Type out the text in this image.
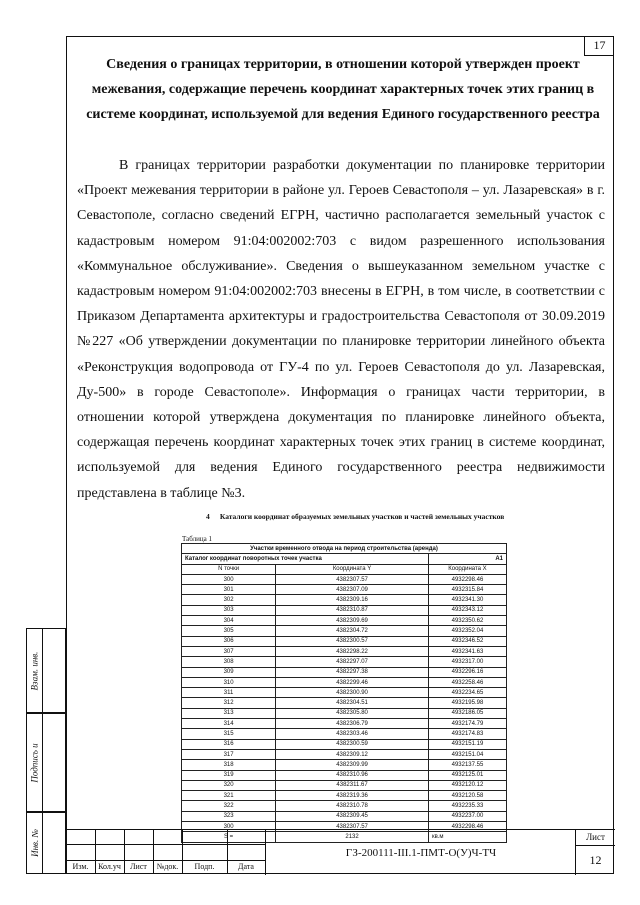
17
Сведения о границах территории, в отношении которой утвержден проект межевания, содержащие перечень координат характерных точек этих границ в системе координат, используемой для ведения Единого государственного реестра
В границах территории разработки документации по планировке территории «Проект межевания территории в районе ул. Героев Севастополя – ул. Лазаревская» в г. Севастополе, согласно сведений ЕГРН, частично располагается земельный участок с кадастровым номером 91:04:002002:703 с видом разрешенного использования «Коммунальное обслуживание». Сведения о вышеуказанном земельном участке с кадастровым номером 91:04:002002:703 внесены в ЕГРН, в том числе, в соответствии с Приказом Департамента архитектуры и градостроительства Севастополя от 30.09.2019 №227 «Об утверждении документации по планировке территории линейного объекта «Реконструкция водопровода от ГУ-4 по ул. Героев Севастополя до ул. Лазаревская, Ду-500» в городе Севастополе». Информация о границах части территории, в отношении которой утверждена документация по планировке линейного объекта, содержащая перечень координат характерных точек этих границ в системе координат, используемой для ведения Единого государственного реестра недвижимости представлена в таблице №3.
4 Каталоги координат образуемых земельных участков и частей земельных участков
Таблица 1
Участки временного отвода на период строительства (аренда)		
Каталог координат поворотных точек участка		А1
N точки	Координата Y	Координата X
300	4382307.57	4932298.46
301	4382307.09	4932315.84
302	4382309.16	4932341.30
303	4382310.87	4932343.12
304	4382309.69	4932350.62
305	4382304.72	4932352.04
306	4382300.57	4932346.52
307	4382298.22	4932341.63
308	4382297.07	4932317.00
309	4382297.38	4932296.16
310	4382299.46	4932258.46
311	4382300.90	4932234.65
312	4382304.51	4932195.98
313	4382305.80	4932186.05
314	4382306.79	4932174.79
315	4382303.46	4932174.83
316	4382300.59	4932151.19
317	4382309.12	4932151.04
318	4382309.99	4932137.55
319	4382310.96	4932125.01
320	4382311.67	4932120.12
321	4382319.36	4932120.58
322	4382310.78	4932235.33
323	4382309.45	4932237.00
300	4382307.57	4932298.46
S =	2132	кв.м
Взам. инв.
Подпись и
Инв. №
Изм.	Кол.уч	Лист	№док.	Подп.	Дата
ГЗ-200111-III.1-ПМТ-О(У)Ч-ТЧ
Лист
12
